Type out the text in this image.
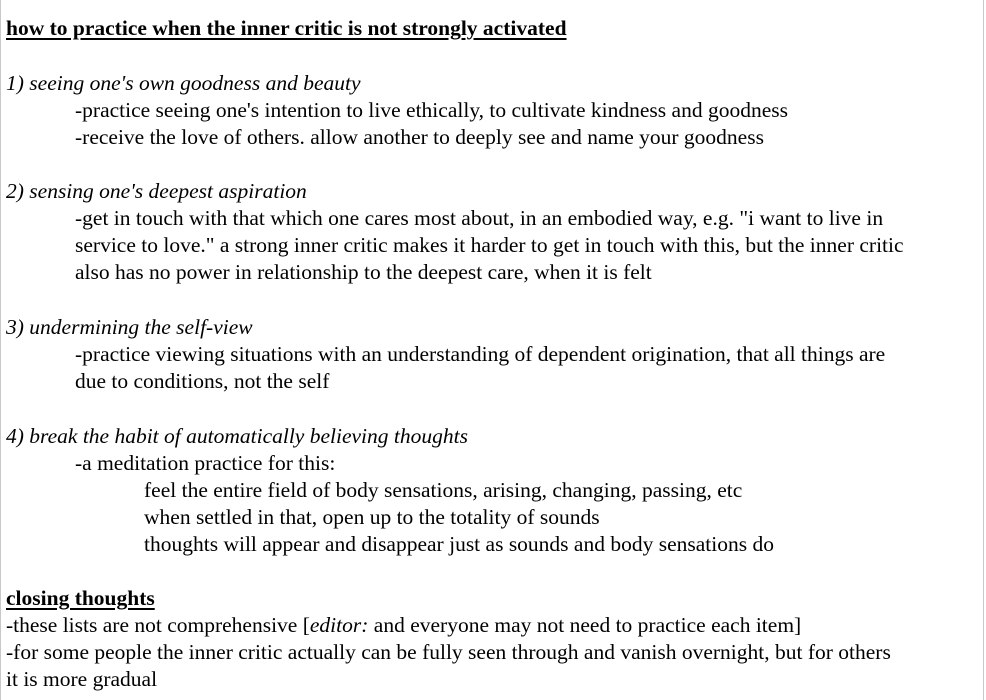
how to practice when the inner critic is not strongly activated
1) seeing one's own goodness and beauty
-practice seeing one's intention to live ethically, to cultivate kindness and goodness
-receive the love of others. allow another to deeply see and name your goodness
2) sensing one's deepest aspiration
-get in touch with that which one cares most about, in an embodied way, e.g. "i want to live in
service to love." a strong inner critic makes it harder to get in touch with this, but the inner critic
also has no power in relationship to the deepest care, when it is felt
3) undermining the self-view
-practice viewing situations with an understanding of dependent origination, that all things are
due to conditions, not the self
4) break the habit of automatically believing thoughts
-a meditation practice for this:
feel the entire field of body sensations, arising, changing, passing, etc
when settled in that, open up to the totality of sounds
thoughts will appear and disappear just as sounds and body sensations do
closing thoughts
-these lists are not comprehensive [editor: and everyone may not need to practice each item]
-for some people the inner critic actually can be fully seen through and vanish overnight, but for others
it is more gradual
